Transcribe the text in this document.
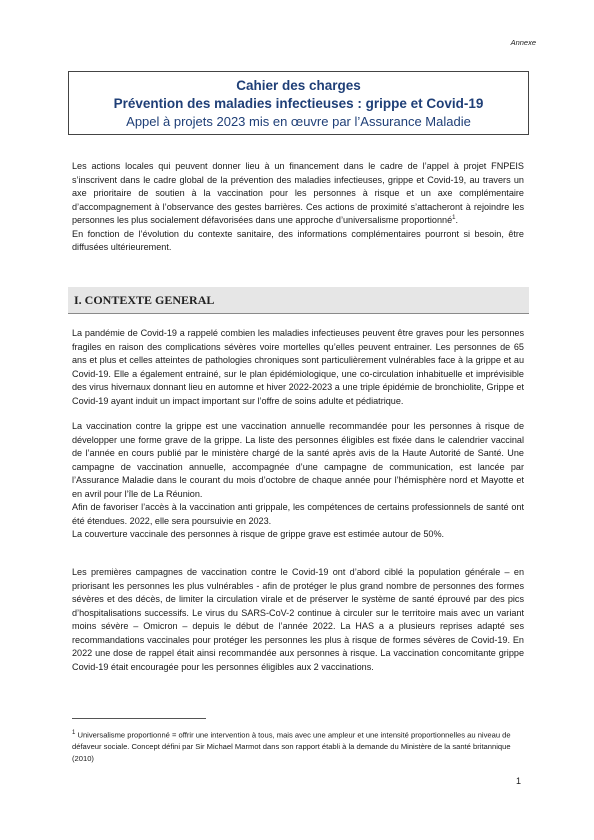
Annexe
Cahier des charges
Prévention des maladies infectieuses : grippe et Covid-19
Appel à projets 2023 mis en œuvre par l’Assurance Maladie

Les actions locales qui peuvent donner lieu à un financement dans le cadre de l’appel à projet FNPEIS s’inscrivent dans le cadre global de la prévention des maladies infectieuses, grippe et Covid-19, au travers un axe prioritaire de soutien à la vaccination pour les personnes à risque et un axe complémentaire d’accompagnement à l’observance des gestes barrières. Ces actions de proximité s’attacheront à rejoindre les personnes les plus socialement défavorisées dans une approche d’universalisme proportionné$^1$.

En fonction de l’évolution du contexte sanitaire, des informations complémentaires pourront si besoin, être diffusées ultérieurement.

I. CONTEXTE GENERAL

La pandémie de Covid-19 a rappelé combien les maladies infectieuses peuvent être graves pour les personnes fragiles en raison des complications sévères voire mortelles qu’elles peuvent entrainer. Les personnes de 65 ans et plus et celles atteintes de pathologies chroniques sont particulièrement vulnérables face à la grippe et au Covid-19. Elle a également entrainé, sur le plan épidémiologique, une co-circulation inhabituelle et imprévisible des virus hivernaux donnant lieu en automne et hiver 2022-2023 a une triple épidémie de bronchiolite, Grippe et Covid-19 ayant induit un impact important sur l’offre de soins adulte et pédiatrique.

La vaccination contre la grippe est une vaccination annuelle recommandée pour les personnes à risque de développer une forme grave de la grippe. La liste des personnes éligibles est fixée dans le calendrier vaccinal de l’année en cours publié par le ministère chargé de la santé après avis de la Haute Autorité de Santé. Une campagne de vaccination annuelle, accompagnée d’une campagne de communication, est lancée par l’Assurance Maladie dans le courant du mois d’octobre de chaque année pour l’hémisphère nord et Mayotte et en avril pour l’île de La Réunion.

Afin de favoriser l’accès à la vaccination anti grippale, les compétences de certains professionnels de santé ont été étendues. 2022, elle sera poursuivie en 2023.

La couverture vaccinale des personnes à risque de grippe grave est estimée autour de 50%.

Les premières campagnes de vaccination contre le Covid-19 ont d’abord ciblé la population générale – en priorisant les personnes les plus vulnérables - afin de protéger le plus grand nombre de personnes des formes sévères et des décès, de limiter la circulation virale et de préserver le système de santé éprouvé par des pics d’hospitalisations successifs. Le virus du SARS-CoV-2 continue à circuler sur le territoire mais avec un variant moins sévère – Omicron – depuis le début de l’année 2022. La HAS a a plusieurs reprises adapté ses recommandations vaccinales pour protéger les personnes les plus à risque de formes sévères de Covid-19. En 2022 une dose de rappel était ainsi recommandée aux personnes à risque. La vaccination concomitante grippe Covid-19 était encouragée pour les personnes éligibles aux 2 vaccinations.

$^1$ Universalisme proportionné = offrir une intervention à tous, mais avec une ampleur et une intensité proportionnelles au niveau de défaveur sociale. Concept défini par Sir Michael Marmot dans son rapport établi à la demande du Ministère de la santé britannique (2010)
1
